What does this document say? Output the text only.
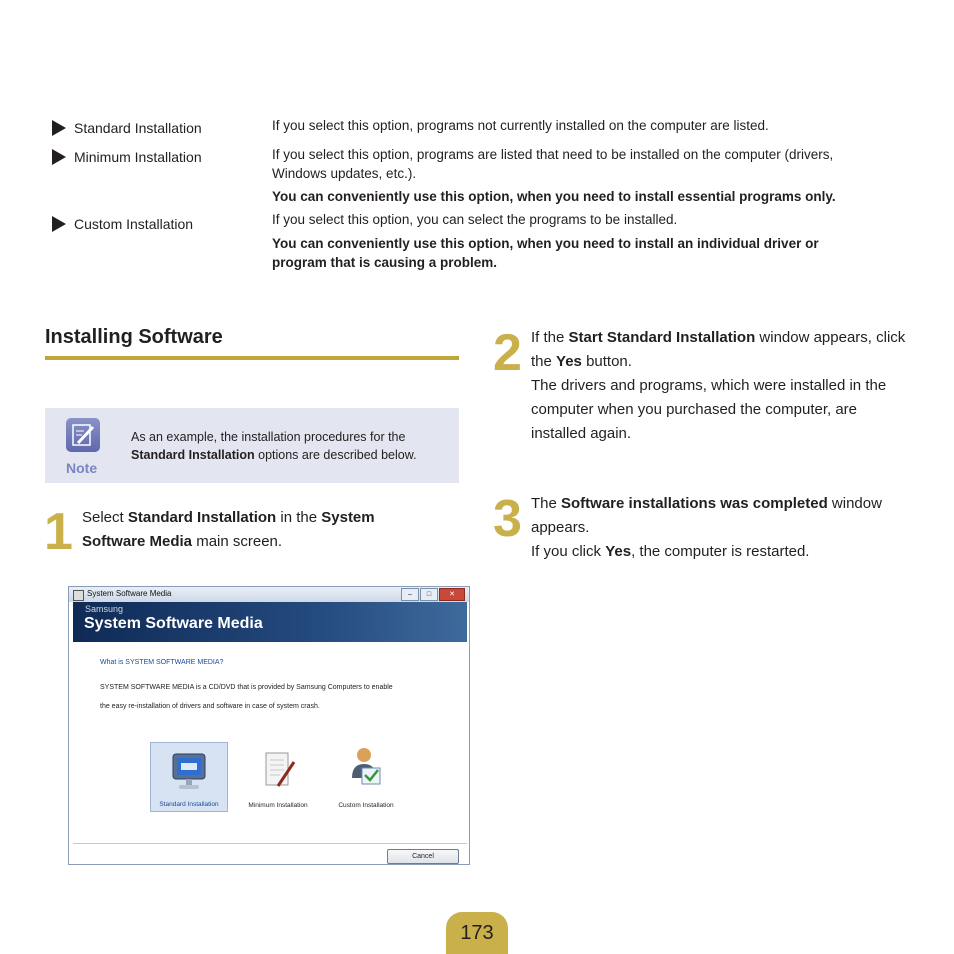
Standard Installation	If you select this option, programs not currently installed on the computer are listed.
Minimum Installation	If you select this option, programs are listed that need to be installed on the computer (drivers, Windows updates, etc.).
You can conveniently use this option, when you need to install essential programs only.
Custom Installation	If you select this option, you can select the programs to be installed.
You can conveniently use this option, when you need to install an individual driver or program that is causing a problem.
Installing Software
Note
As an example, the installation procedures for the Standard Installation options are described below.
1 Select Standard Installation in the System Software Media main screen.
2 If the Start Standard Installation window appears, click the Yes button.
The drivers and programs, which were installed in the computer when you purchased the computer, are installed again.
3 The Software installations was completed window appears.
If you click Yes, the computer is restarted.
System Software Media	–	□	✕
Samsung
System Software Media
What is SYSTEM SOFTWARE MEDIA?
SYSTEM SOFTWARE MEDIA is a CD/DVD that is provided by Samsung Computers to enable
the easy re-installation of drivers and software in case of system crash.
Standard Installation	Minimum Installation	Custom Installation
Cancel
173
